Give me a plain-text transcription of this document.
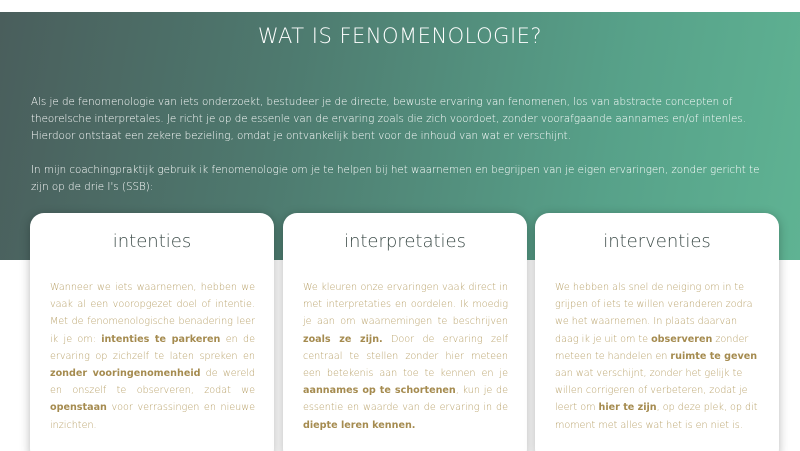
WAT IS FENOMENOLOGIE?

Als je de fenomenologie van iets onderzoekt, bestudeer je de directe, bewuste ervaring van fenomenen, los van abstracte concepten of theorelsche interpretales. Je richt je op de essenle van de ervaring zoals die zich voordoet, zonder voorafgaande aannames en/of intenles. Hierdoor ontstaat een zekere bezieling, omdat je ontvankelijk bent voor de inhoud van wat er verschijnt.

In mijn coachingpraktijk gebruik ik fenomenologie om je te helpen bij het waarnemen en begrijpen van je eigen ervaringen, zonder gericht te zijn op de drie I's (SSB):

intenties
Wanneer we iets waarnemen, hebben we vaak al een vooropgezet doel of intentie. Met de fenomenologische benadering leer ik je om: intenties te parkeren en de ervaring op zichzelf te laten spreken en zonder vooringenomenheid de wereld en onszelf te observeren, zodat we openstaan voor verrassingen en nieuwe inzichten.
interpretaties
We kleuren onze ervaringen vaak direct in met interpretaties en oordelen. Ik moedig je aan om waarnemingen te beschrijven zoals ze zijn. Door de ervaring zelf centraal te stellen zonder hier meteen een betekenis aan toe te kennen en je aannames op te schortenen, kun je de essentie en waarde van de ervaring in de diepte leren kennen.
interventies
We hebben als snel de neiging om in te grijpen of iets te willen veranderen zodra we het waarnemen. In plaats daarvan daag ik je uit om te observeren zonder meteen te handelen en ruimte te geven aan wat verschijnt, zonder het gelijk te willen corrigeren of verbeteren, zodat je leert om hier te zijn, op deze plek, op dit moment met alles wat het is en niet is.
